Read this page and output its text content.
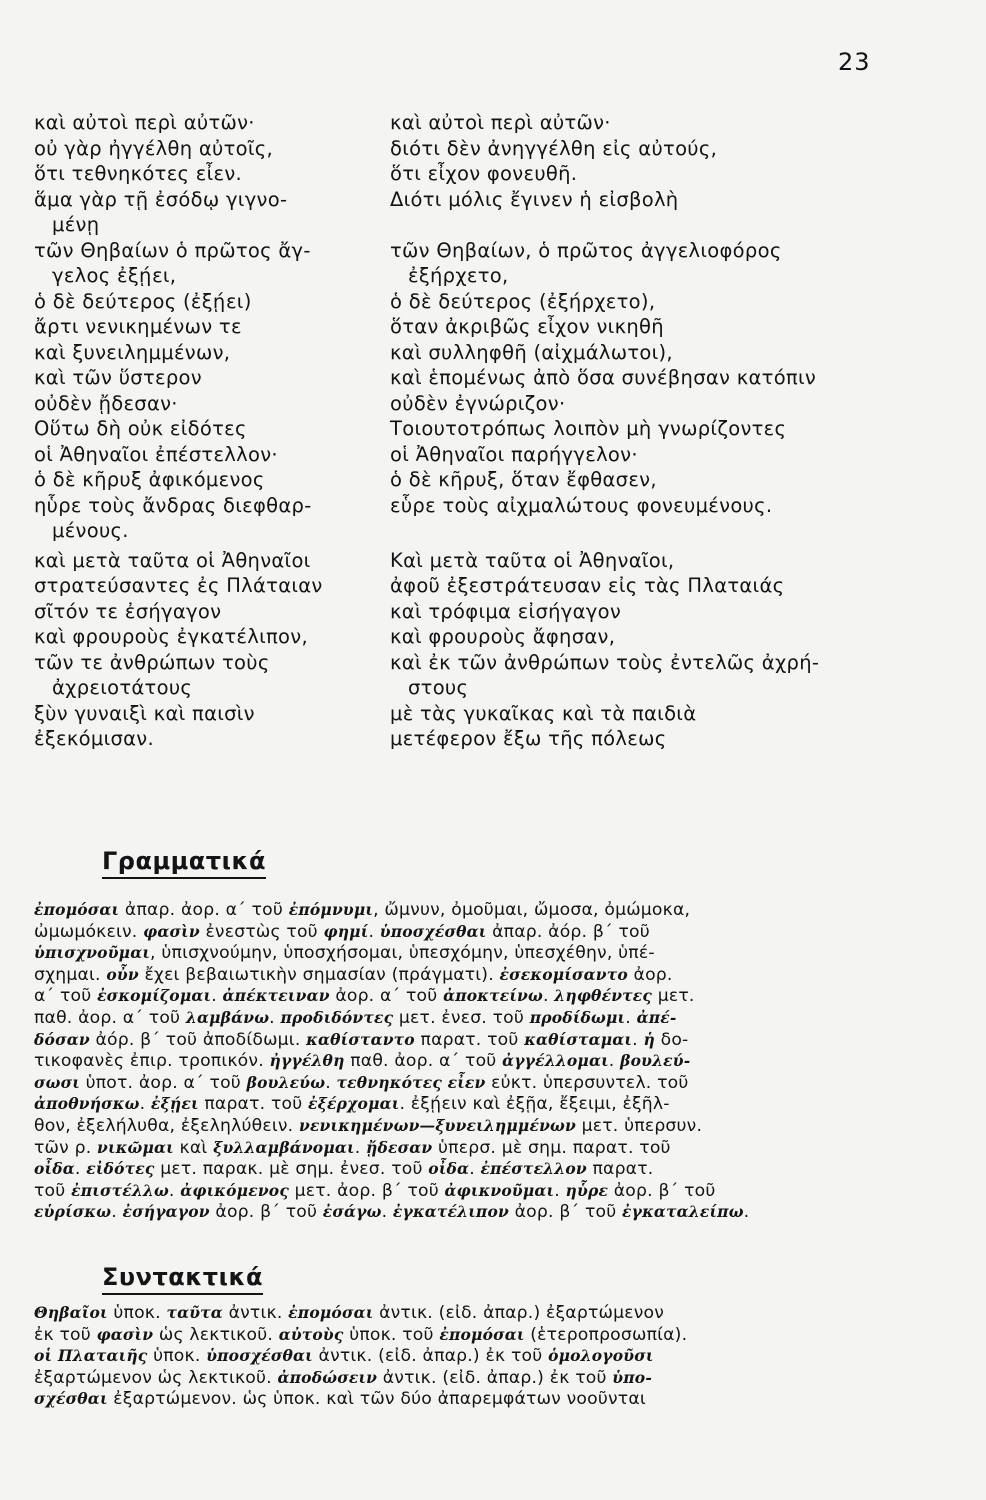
23
καὶ αὐτοὶ περὶ αὐτῶν·
οὐ γὰρ ἠγγέλθη αὐτοῖς,
ὅτι τεθνηκότες εἶεν.
ἅμα γὰρ τῇ ἐσόδῳ γιγνο-
μένῃ
τῶν Θηβαίων ὁ πρῶτος ἄγ-
γελος ἐξῄει,
ὁ δὲ δεύτερος (ἐξῄει)
ἄρτι νενικημένων τε
καὶ ξυνειλημμένων,
καὶ τῶν ὕστερον
οὐδὲν ᾔδεσαν·
Οὕτω δὴ οὐκ εἰδότες
οἱ Ἀθηναῖοι ἐπέστελλον·
ὁ δὲ κῆρυξ ἀφικόμενος
ηὗρε τοὺς ἄνδρας διεφθαρ-
μένους.
καὶ μετὰ ταῦτα οἱ Ἀθηναῖοι
στρατεύσαντες ἐς Πλάταιαν
σῖτόν τε ἐσήγαγον
καὶ φρουροὺς ἐγκατέλιπον,
τῶν τε ἀνθρώπων τοὺς
ἀχρειοτάτους
ξὺν γυναιξὶ καὶ παισὶν
ἐξεκόμισαν.
καὶ αὐτοὶ περὶ αὐτῶν·
διότι δὲν ἀνηγγέλθη εἰς αὐτούς,
ὅτι εἶχον φονευθῆ.
Διότι μόλις ἔγινεν ἡ εἰσβολὴ
τῶν Θηβαίων, ὁ πρῶτος ἀγγελιοφόρος
ἐξήρχετο,
ὁ δὲ δεύτερος (ἐξήρχετο),
ὅταν ἀκριβῶς εἶχον νικηθῆ
καὶ συλληφθῆ (αἰχμάλωτοι),
καὶ ἑπομένως ἀπὸ ὅσα συνέβησαν κατόπιν
οὐδὲν ἐγνώριζον·
Τοιουτοτρόπως λοιπὸν μὴ γνωρίζοντες
οἱ Ἀθηναῖοι παρήγγελον·
ὁ δὲ κῆρυξ, ὅταν ἔφθασεν,
εὗρε τοὺς αἰχμαλώτους φονευμένους.
Καὶ μετὰ ταῦτα οἱ Ἀθηναῖοι,
ἀφοῦ ἐξεστράτευσαν εἰς τὰς Πλαταιάς
καὶ τρόφιμα εἰσήγαγον
καὶ φρουροὺς ἄφησαν,
καὶ ἐκ τῶν ἀνθρώπων τοὺς ἐντελῶς ἀχρή-
στους
μὲ τὰς γυκαῖκας καὶ τὰ παιδιὰ
μετέφερον ἔξω τῆς πόλεως
Γραμματικά
ἐπομόσαι ἀπαρ. ἀορ. α΄ τοῦ ἐπόμνυμι, ὤμνυν, ὀμοῦμαι, ὤμοσα, ὀμώμοκα,
ὠμωμόκειν. φασὶν ἐνεστὼς τοῦ φημί. ὑποσχέσθαι ἀπαρ. ἀόρ. β΄ τοῦ
ὑπισχνοῦμαι, ὑπισχνούμην, ὑποσχήσομαι, ὑπεσχόμην, ὑπεσχέθην, ὑπέ-
σχημαι. οὖν ἔχει βεβαιωτικὴν σημασίαν (πράγματι). ἐσεκομίσαντο ἀορ.
α΄ τοῦ ἐσκομίζομαι. ἀπέκτειναν ἀορ. α΄ τοῦ ἀποκτείνω. ληφθέντες μετ.
παθ. ἀορ. α΄ τοῦ λαμβάνω. προδιδόντες μετ. ἐνεσ. τοῦ προδίδωμι. ἀπέ-
δόσαν ἀόρ. β΄ τοῦ ἀποδίδωμι. καθίσταντο παρατ. τοῦ καθίσταμαι. ἡ δο-
τικοφανὲς ἐπιρ. τροπικόν. ἠγγέλθη παθ. ἀορ. α΄ τοῦ ἀγγέλλομαι. βουλεύ-
σωσι ὑποτ. ἀορ. α΄ τοῦ βουλεύω. τεθνηκότες εἶεν εὐκτ. ὑπερσυντελ. τοῦ
ἀποθνήσκω. ἐξῄει παρατ. τοῦ ἐξέρχομαι. ἐξῄειν καὶ ἐξῇα, ἔξειμι, ἐξῆλ-
θον, ἐξελήλυθα, ἐξεληλύθειν. νενικημένων—ξυνειλημμένων μετ. ὑπερσυν.
τῶν ρ. νικῶμαι καὶ ξυλλαμβάνομαι. ᾔδεσαν ὑπερσ. μὲ σημ. παρατ. τοῦ
οἶδα. εἰδότες μετ. παρακ. μὲ σημ. ἐνεσ. τοῦ οἶδα. ἐπέστελλον παρατ.
τοῦ ἐπιστέλλω. ἀφικόμενος μετ. ἀορ. β΄ τοῦ ἀφικνοῦμαι. ηὗρε ἀορ. β΄ τοῦ
εὑρίσκω. ἐσήγαγον ἀορ. β΄ τοῦ ἐσάγω. ἐγκατέλιπον ἀορ. β΄ τοῦ ἐγκαταλείπω.
Συντακτικά
Θηβαῖοι ὑποκ. ταῦτα ἀντικ. ἐπομόσαι ἀντικ. (εἰδ. ἀπαρ.) ἐξαρτώμενον
ἐκ τοῦ φασὶν ὡς λεκτικοῦ. αὐτοὺς ὑποκ. τοῦ ἐπομόσαι (ἑτεροπροσωπία).
οἱ Πλαταιῆς ὑποκ. ὑποσχέσθαι ἀντικ. (εἰδ. ἀπαρ.) ἐκ τοῦ ὁμολογοῦσι
ἐξαρτώμενον ὡς λεκτικοῦ. ἀποδώσειν ἀντικ. (εἰδ. ἀπαρ.) ἐκ τοῦ ὑπο-
σχέσθαι ἐξαρτώμενον. ὡς ὑποκ. καὶ τῶν δύο ἀπαρεμφάτων νοοῦνται
